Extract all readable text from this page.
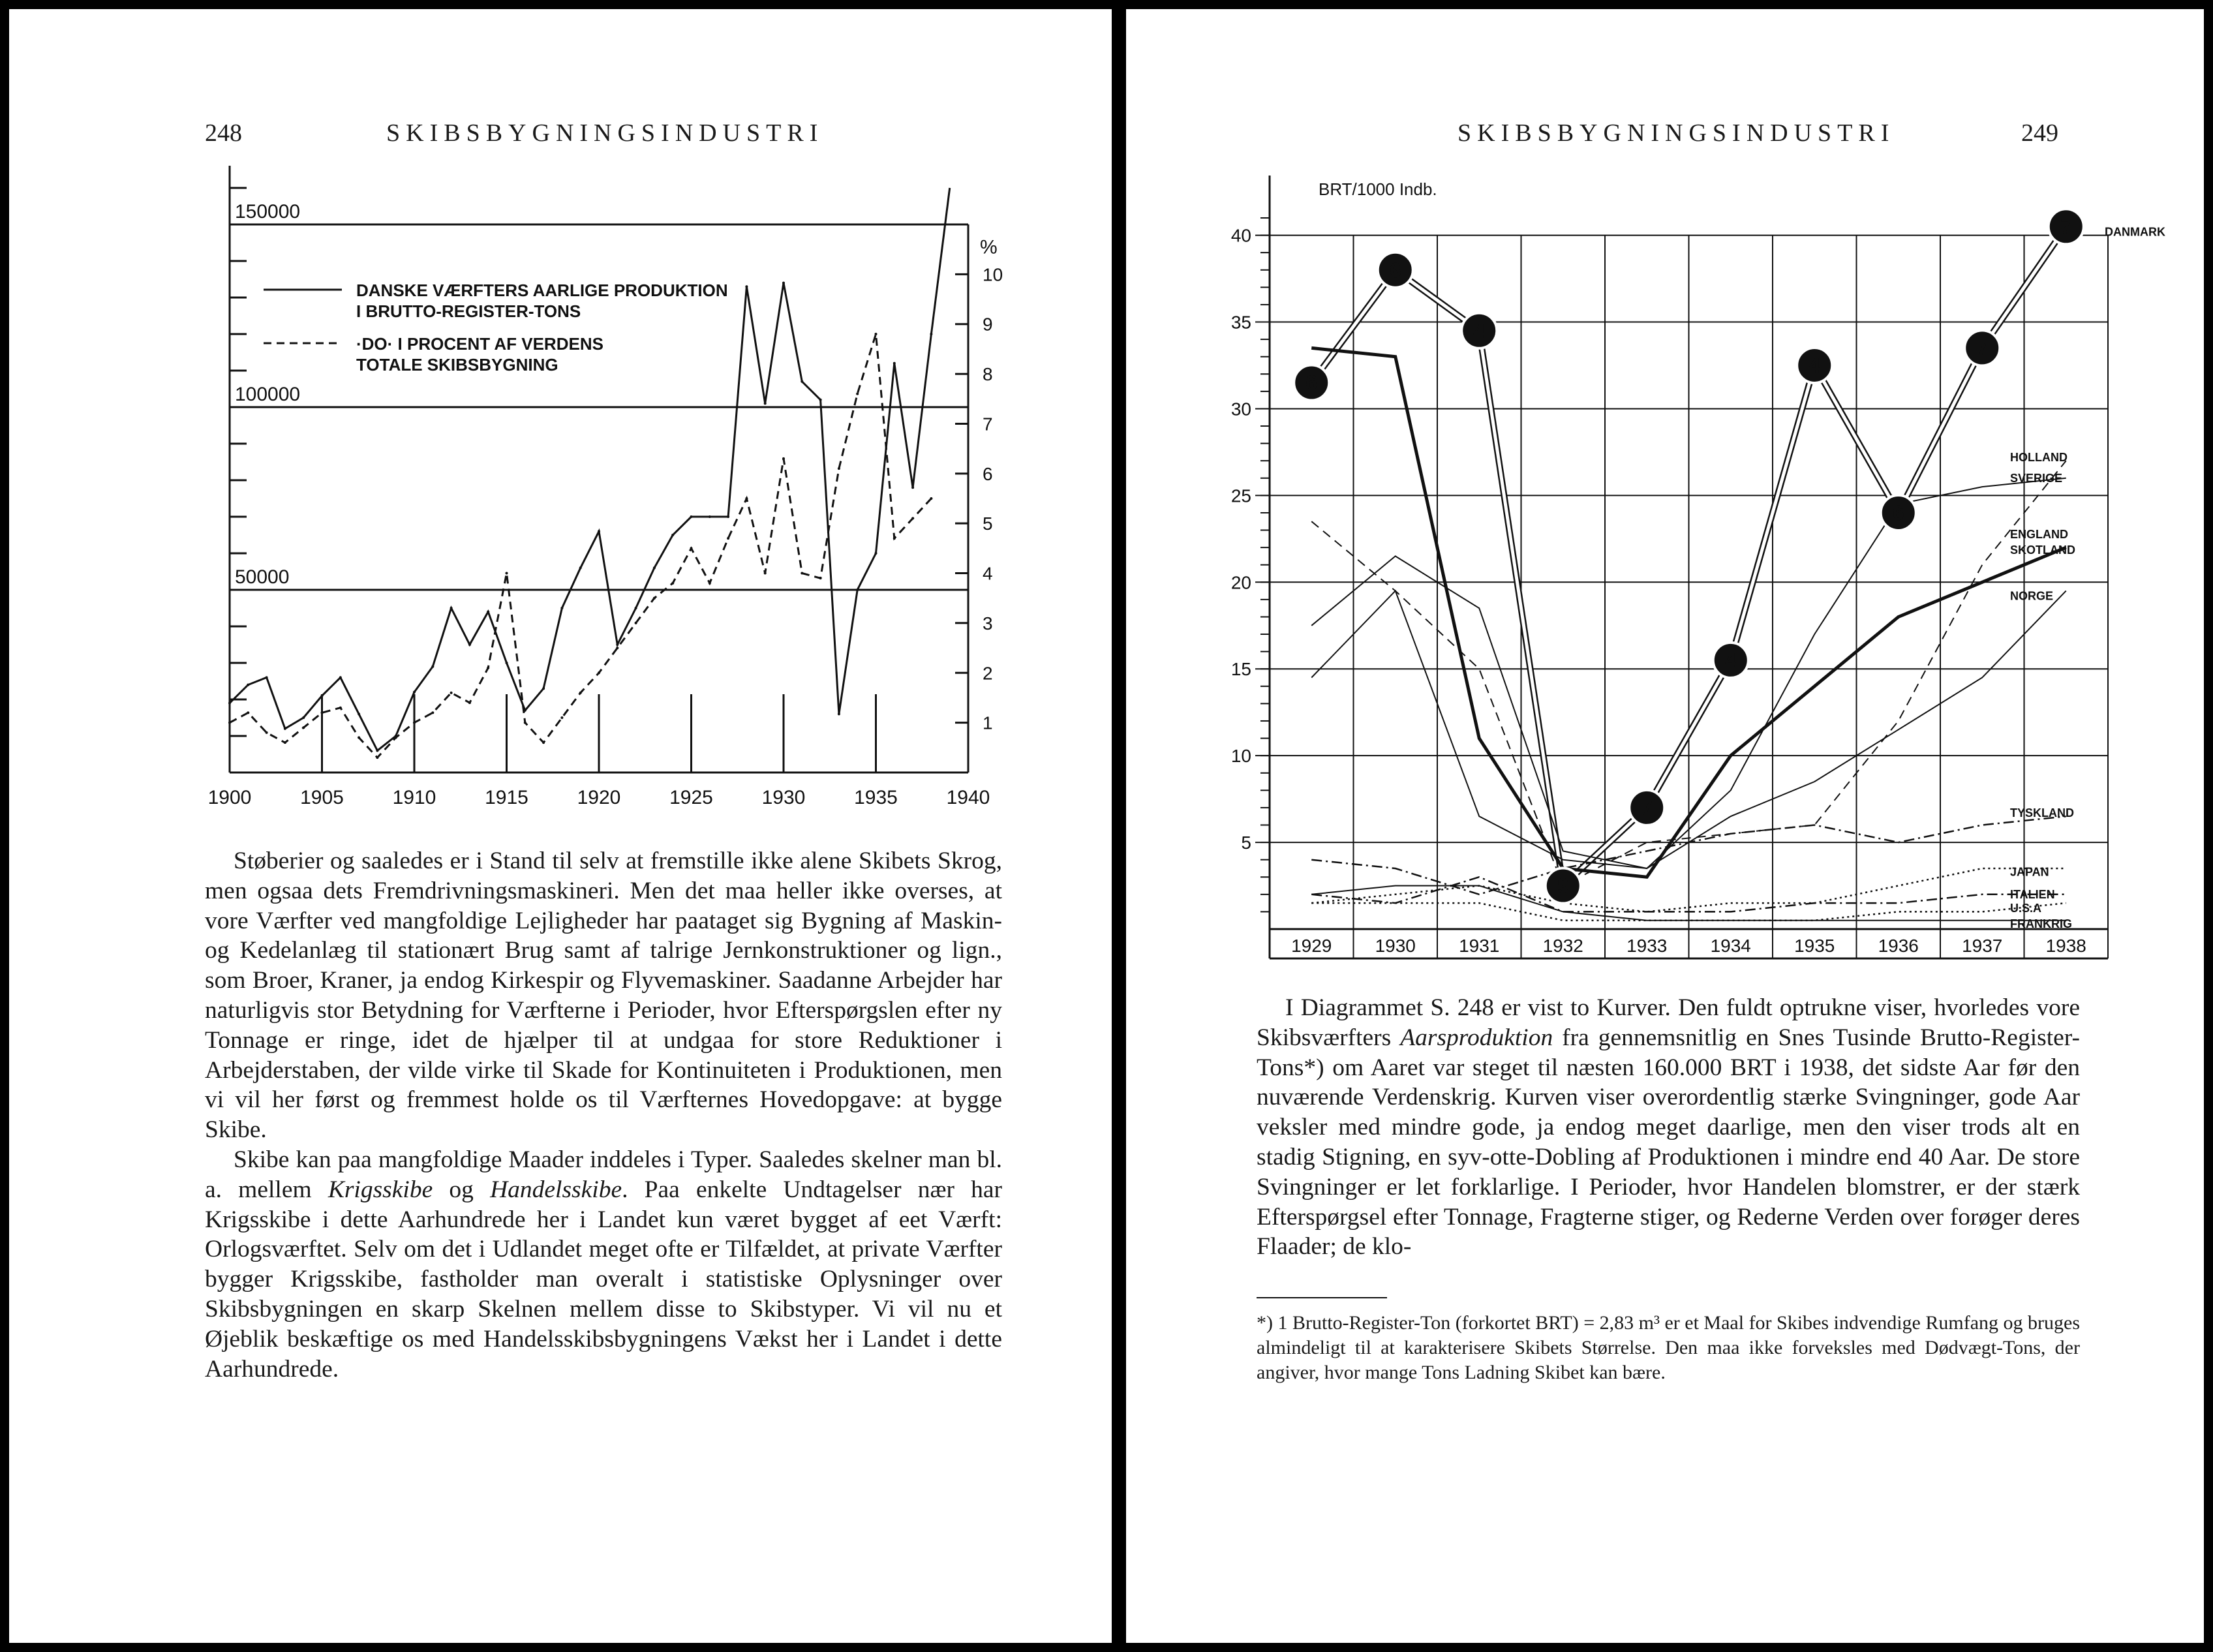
248	SKIBSBYGNINGSINDUSTRI
150000
100000
50000
%
10
9
8
7
6
5
4
3
2
1
1900 1905 1910 1915 1920 1925 1930 1935 1940
DANSKE VÆRFTERS AARLIGE PRODUKTION
I BRUTTO-REGISTER-TONS
·DO· I PROCENT AF VERDENS
TOTALE SKIBSBYGNING

Støberier og saaledes er i Stand til selv at fremstille ikke alene Skibets Skrog, men ogsaa dets Fremdrivningsmaskineri. Men det maa heller ikke overses, at vore Værfter ved mangfoldige Lejligheder har paataget sig Bygning af Maskin- og Kedelanlæg til stationært Brug samt af talrige Jernkonstruktioner og lign., som Broer, Kraner, ja endog Kirkespir og Flyvemaskiner. Saadanne Arbejder har naturligvis stor Betydning for Værfterne i Perioder, hvor Efterspørgslen efter ny Tonnage er ringe, idet de hjælper til at undgaa for store Reduktioner i Arbejderstaben, der vilde virke til Skade for Kontinuiteten i Produktionen, men vi vil her først og fremmest holde os til Værfternes Hovedopgave: at bygge Skibe.

Skibe kan paa mangfoldige Maader inddeles i Typer. Saaledes skelner man bl. a. mellem Krigsskibe og Handelsskibe. Paa enkelte Undtagelser nær har Krigsskibe i dette Aarhundrede her i Landet kun været bygget af eet Værft: Orlogsværftet. Selv om det i Udlandet meget ofte er Tilfældet, at private Værfter bygger Krigsskibe, fastholder man overalt i statistiske Oplysninger over Skibsbygningen en skarp Skelnen mellem disse to Skibstyper. Vi vil nu et Øjeblik beskæftige os med Handelsskibsbygningens Vækst her i Landet i dette Aarhundrede.

SKIBSBYGNINGSINDUSTRI	249
BRT/1000 Indb.
40
35
30
25
20
15
10
5
1929 1930 1931 1932 1933 1934 1935 1936 1937 1938
DANMARK
HOLLAND
SVERIGE
ENGLAND
SKOTLAND
NORGE
TYSKLAND
JAPAN
ITALIEN
U.S.A
FRANKRIG
6
6
4
9
7
4
4
6
7
7

I Diagrammet S. 248 er vist to Kurver. Den fuldt optrukne viser, hvorledes vore Skibsværfters Aarsproduktion fra gennemsnitlig en Snes Tusinde Brutto-Register-Tons*) om Aaret var steget til næsten 160.000 BRT i 1938, det sidste Aar før den nuværende Verdenskrig. Kurven viser overordentlig stærke Svingninger, gode Aar veksler med mindre gode, ja endog meget daarlige, men den viser trods alt en stadig Stigning, en syv-otte-Dobling af Produktionen i mindre end 40 Aar. De store Svingninger er let forklarlige. I Perioder, hvor Handelen blomstrer, er der stærk Efterspørgsel efter Tonnage, Fragterne stiger, og Rederne Verden over forøger deres Flaader; de klo-

*) 1 Brutto-Register-Ton (forkortet BRT) = 2,83 m³ er et Maal for Skibes indvendige Rumfang og bruges almindeligt til at karakterisere Skibets Størrelse. Den maa ikke forveksles med Dødvægt-Tons, der angiver, hvor mange Tons Ladning Skibet kan bære.
